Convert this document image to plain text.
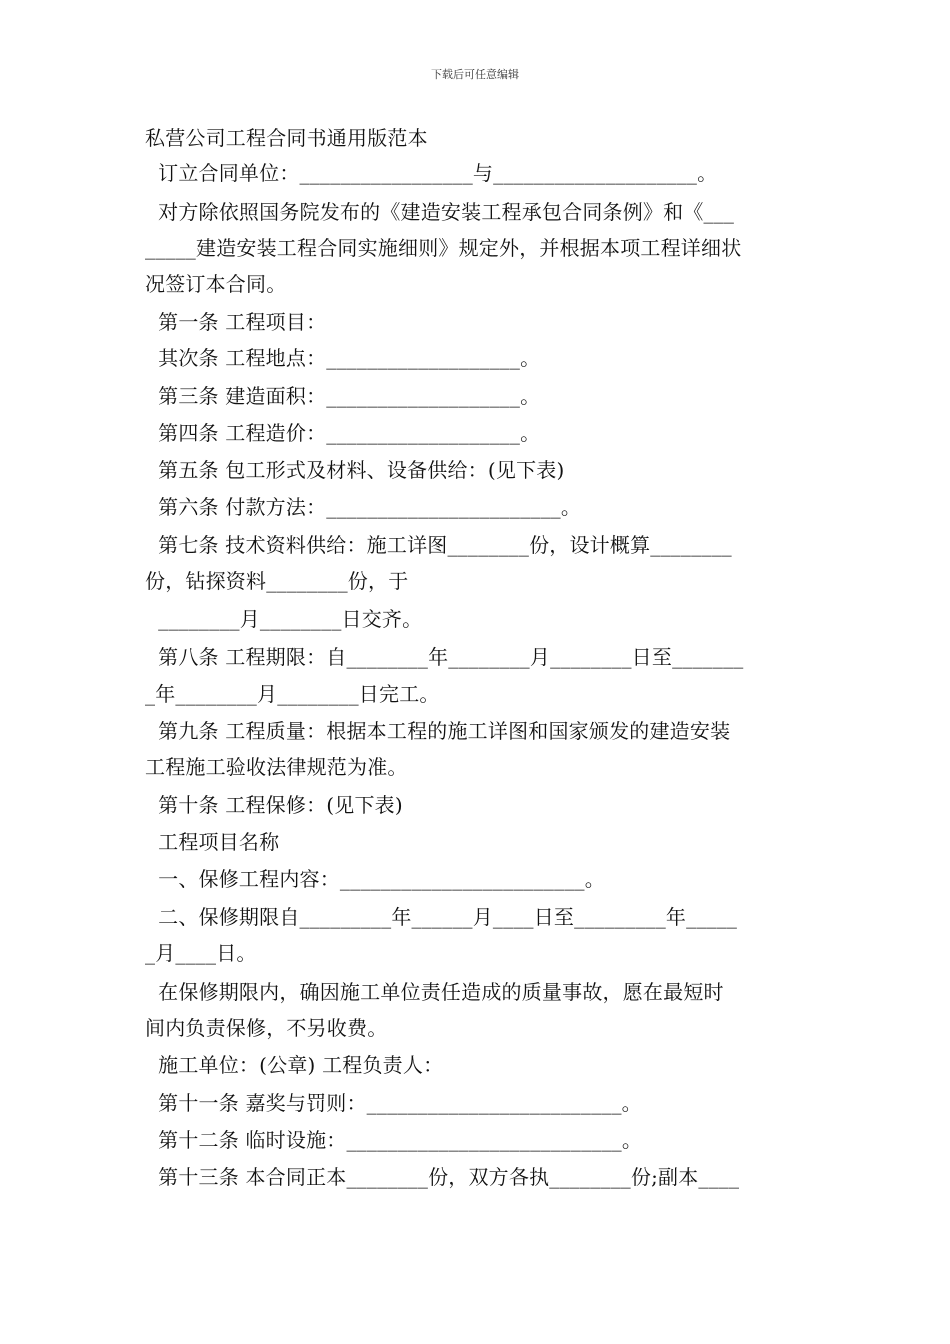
下载后可任意编辑
私营公司工程合同书通用版范本
订立合同单位：_________________与____________________。
对方除依照国务院发布的《建造安装工程承包合同条例》和《___
_____建造安装工程合同实施细则》规定外，并根据本项工程详细状
况签订本合同。
第一条 工程项目：
其次条 工程地点：___________________。
第三条 建造面积：___________________。
第四条 工程造价：___________________。
第五条 包工形式及材料、设备供给：(见下表)
第六条 付款方法：_______________________。
第七条 技术资料供给：施工详图________份，设计概算________
份，钻探资料________份，于
________月________日交齐。
第八条 工程期限：自________年________月________日至_______
_年________月________日完工。
第九条 工程质量：根据本工程的施工详图和国家颁发的建造安装
工程施工验收法律规范为准。
第十条 工程保修：(见下表)
工程项目名称
一、保修工程内容：________________________。
二、保修期限自_________年______月____日至_________年_____
_月____日。
在保修期限内，确因施工单位责任造成的质量事故，愿在最短时
间内负责保修，不另收费。
施工单位：(公章) 工程负责人：
第十一条 嘉奖与罚则：_________________________。
第十二条 临时设施：___________________________。
第十三条 本合同正本________份，双方各执________份;副本____
